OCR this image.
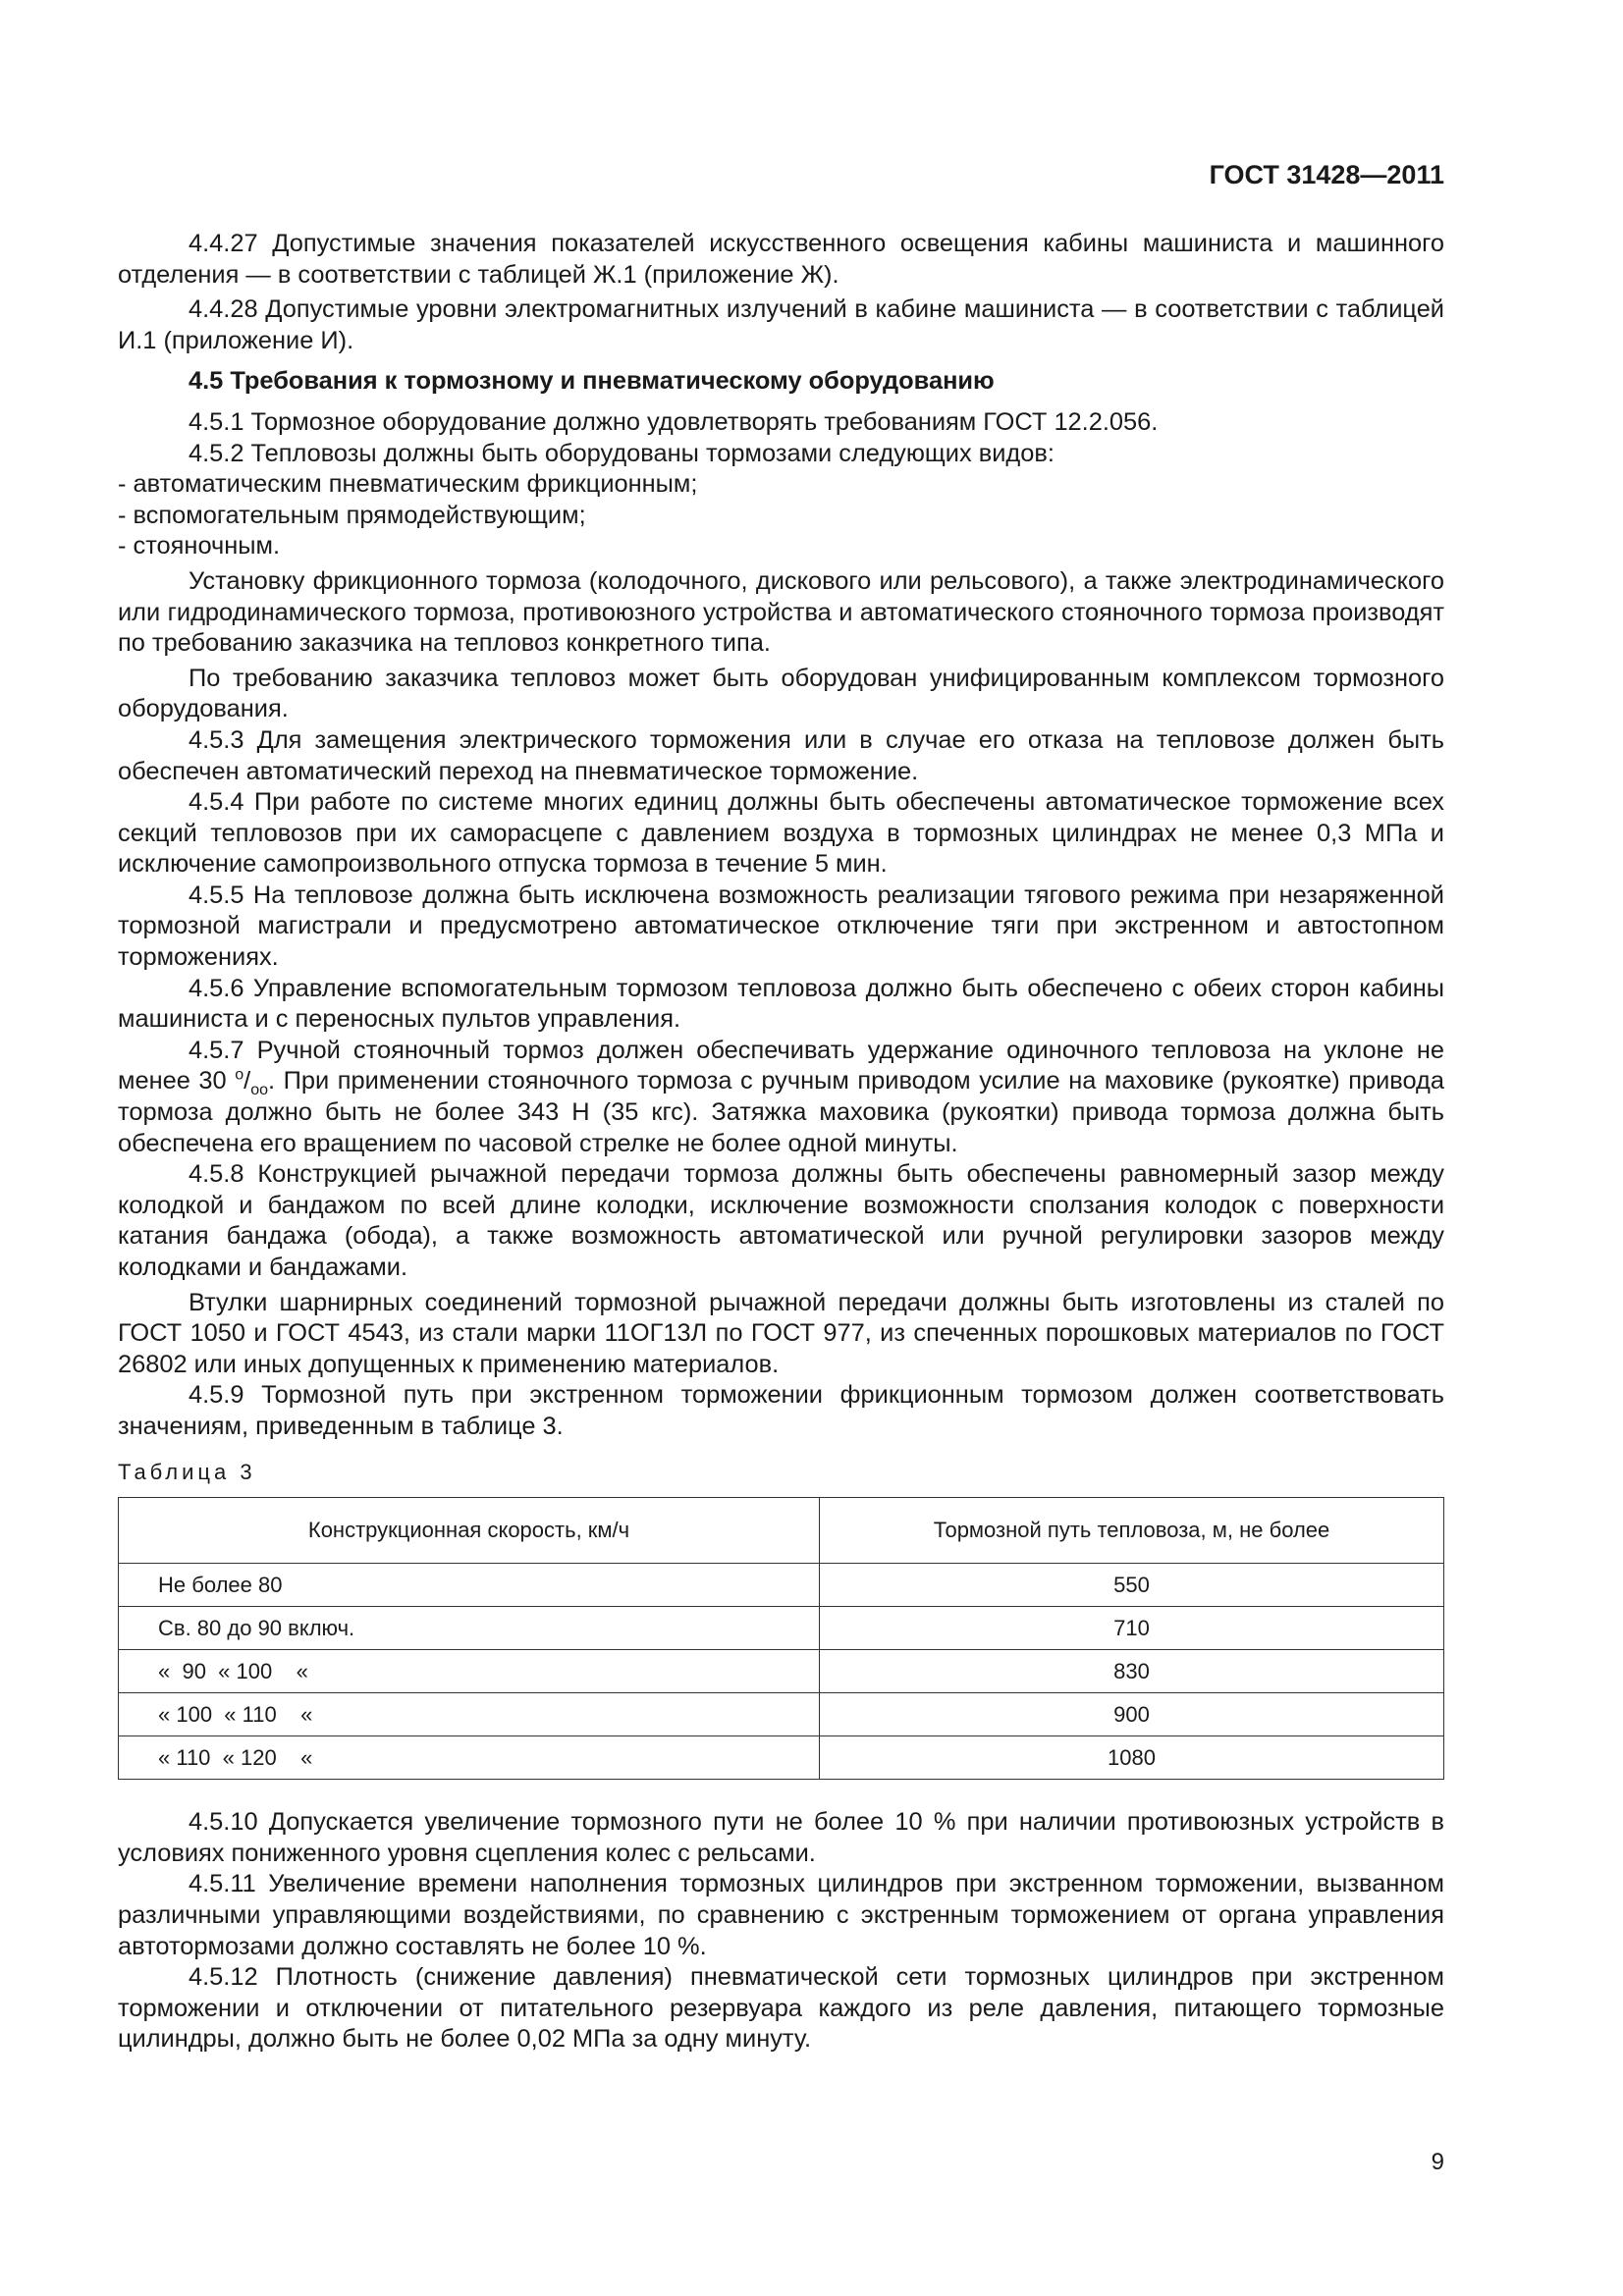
ГОСТ 31428—2011

4.4.27 Допустимые значения показателей искусственного освещения кабины машиниста и машинного отделения — в соответствии с таблицей Ж.1 (приложение Ж).

4.4.28 Допустимые уровни электромагнитных излучений в кабине машиниста — в соответствии с таблицей И.1 (приложение И).

4.5 Требования к тормозному и пневматическому оборудованию

4.5.1 Тормозное оборудование должно удовлетворять требованиям ГОСТ 12.2.056.

4.5.2 Тепловозы должны быть оборудованы тормозами следующих видов:

- автоматическим пневматическим фрикционным;

- вспомогательным прямодействующим;

- стояночным.

Установку фрикционного тормоза (колодочного, дискового или рельсового), а также электродинамического или гидродинамического тормоза, противоюзного устройства и автоматического стояночного тормоза производят по требованию заказчика на тепловоз конкретного типа.

По требованию заказчика тепловоз может быть оборудован унифицированным комплексом тормозного оборудования.

4.5.3 Для замещения электрического торможения или в случае его отказа на тепловозе должен быть обеспечен автоматический переход на пневматическое торможение.

4.5.4 При работе по системе многих единиц должны быть обеспечены автоматическое торможение всех секций тепловозов при их саморасцепе с давлением воздуха в тормозных цилиндрах не менее 0,3 МПа и исключение самопроизвольного отпуска тормоза в течение 5 мин.

4.5.5 На тепловозе должна быть исключена возможность реализации тягового режима при незаряженной тормозной магистрали и предусмотрено автоматическое отключение тяги при экстренном и автостопном торможениях.

4.5.6 Управление вспомогательным тормозом тепловоза должно быть обеспечено с обеих сторон кабины машиниста и с переносных пультов управления.

4.5.7 Ручной стояночный тормоз должен обеспечивать удержание одиночного тепловоза на уклоне не менее 30 $^o/_{oo}$. При применении стояночного тормоза с ручным приводом усилие на маховике (рукоятке) привода тормоза должно быть не более 343 Н (35 кгс). Затяжка маховика (рукоятки) привода тормоза должна быть обеспечена его вращением по часовой стрелке не более одной минуты.

4.5.8 Конструкцией рычажной передачи тормоза должны быть обеспечены равномерный зазор между колодкой и бандажом по всей длине колодки, исключение возможности сползания колодок с поверхности катания бандажа (обода), а также возможность автоматической или ручной регулировки зазоров между колодками и бандажами.

Втулки шарнирных соединений тормозной рычажной передачи должны быть изготовлены из сталей по ГОСТ 1050 и ГОСТ 4543, из стали марки 11ОГ13Л по ГОСТ 977, из спеченных порошковых материалов по ГОСТ 26802 или иных допущенных к применению материалов.

4.5.9 Тормозной путь при экстренном торможении фрикционным тормозом должен соответствовать значениям, приведенным в таблице 3.

Таблица 3
Конструкционная скорость, км/ч	Тормозной путь тепловоза, м, не более
Не более 80	550
Св. 80 до 90 включ.	710
«  90  « 100    «	830
« 100  « 110    «	900
« 110  « 120    «	1080

4.5.10 Допускается увеличение тормозного пути не более 10 % при наличии противоюзных устройств в условиях пониженного уровня сцепления колес с рельсами.

4.5.11 Увеличение времени наполнения тормозных цилиндров при экстренном торможении, вызванном различными управляющими воздействиями, по сравнению с экстренным торможением от органа управления автотормозами должно составлять не более 10 %.

4.5.12 Плотность (снижение давления) пневматической сети тормозных цилиндров при экстренном торможении и отключении от питательного резервуара каждого из реле давления, питающего тормозные цилиндры, должно быть не более 0,02 МПа за одну минуту.

9
